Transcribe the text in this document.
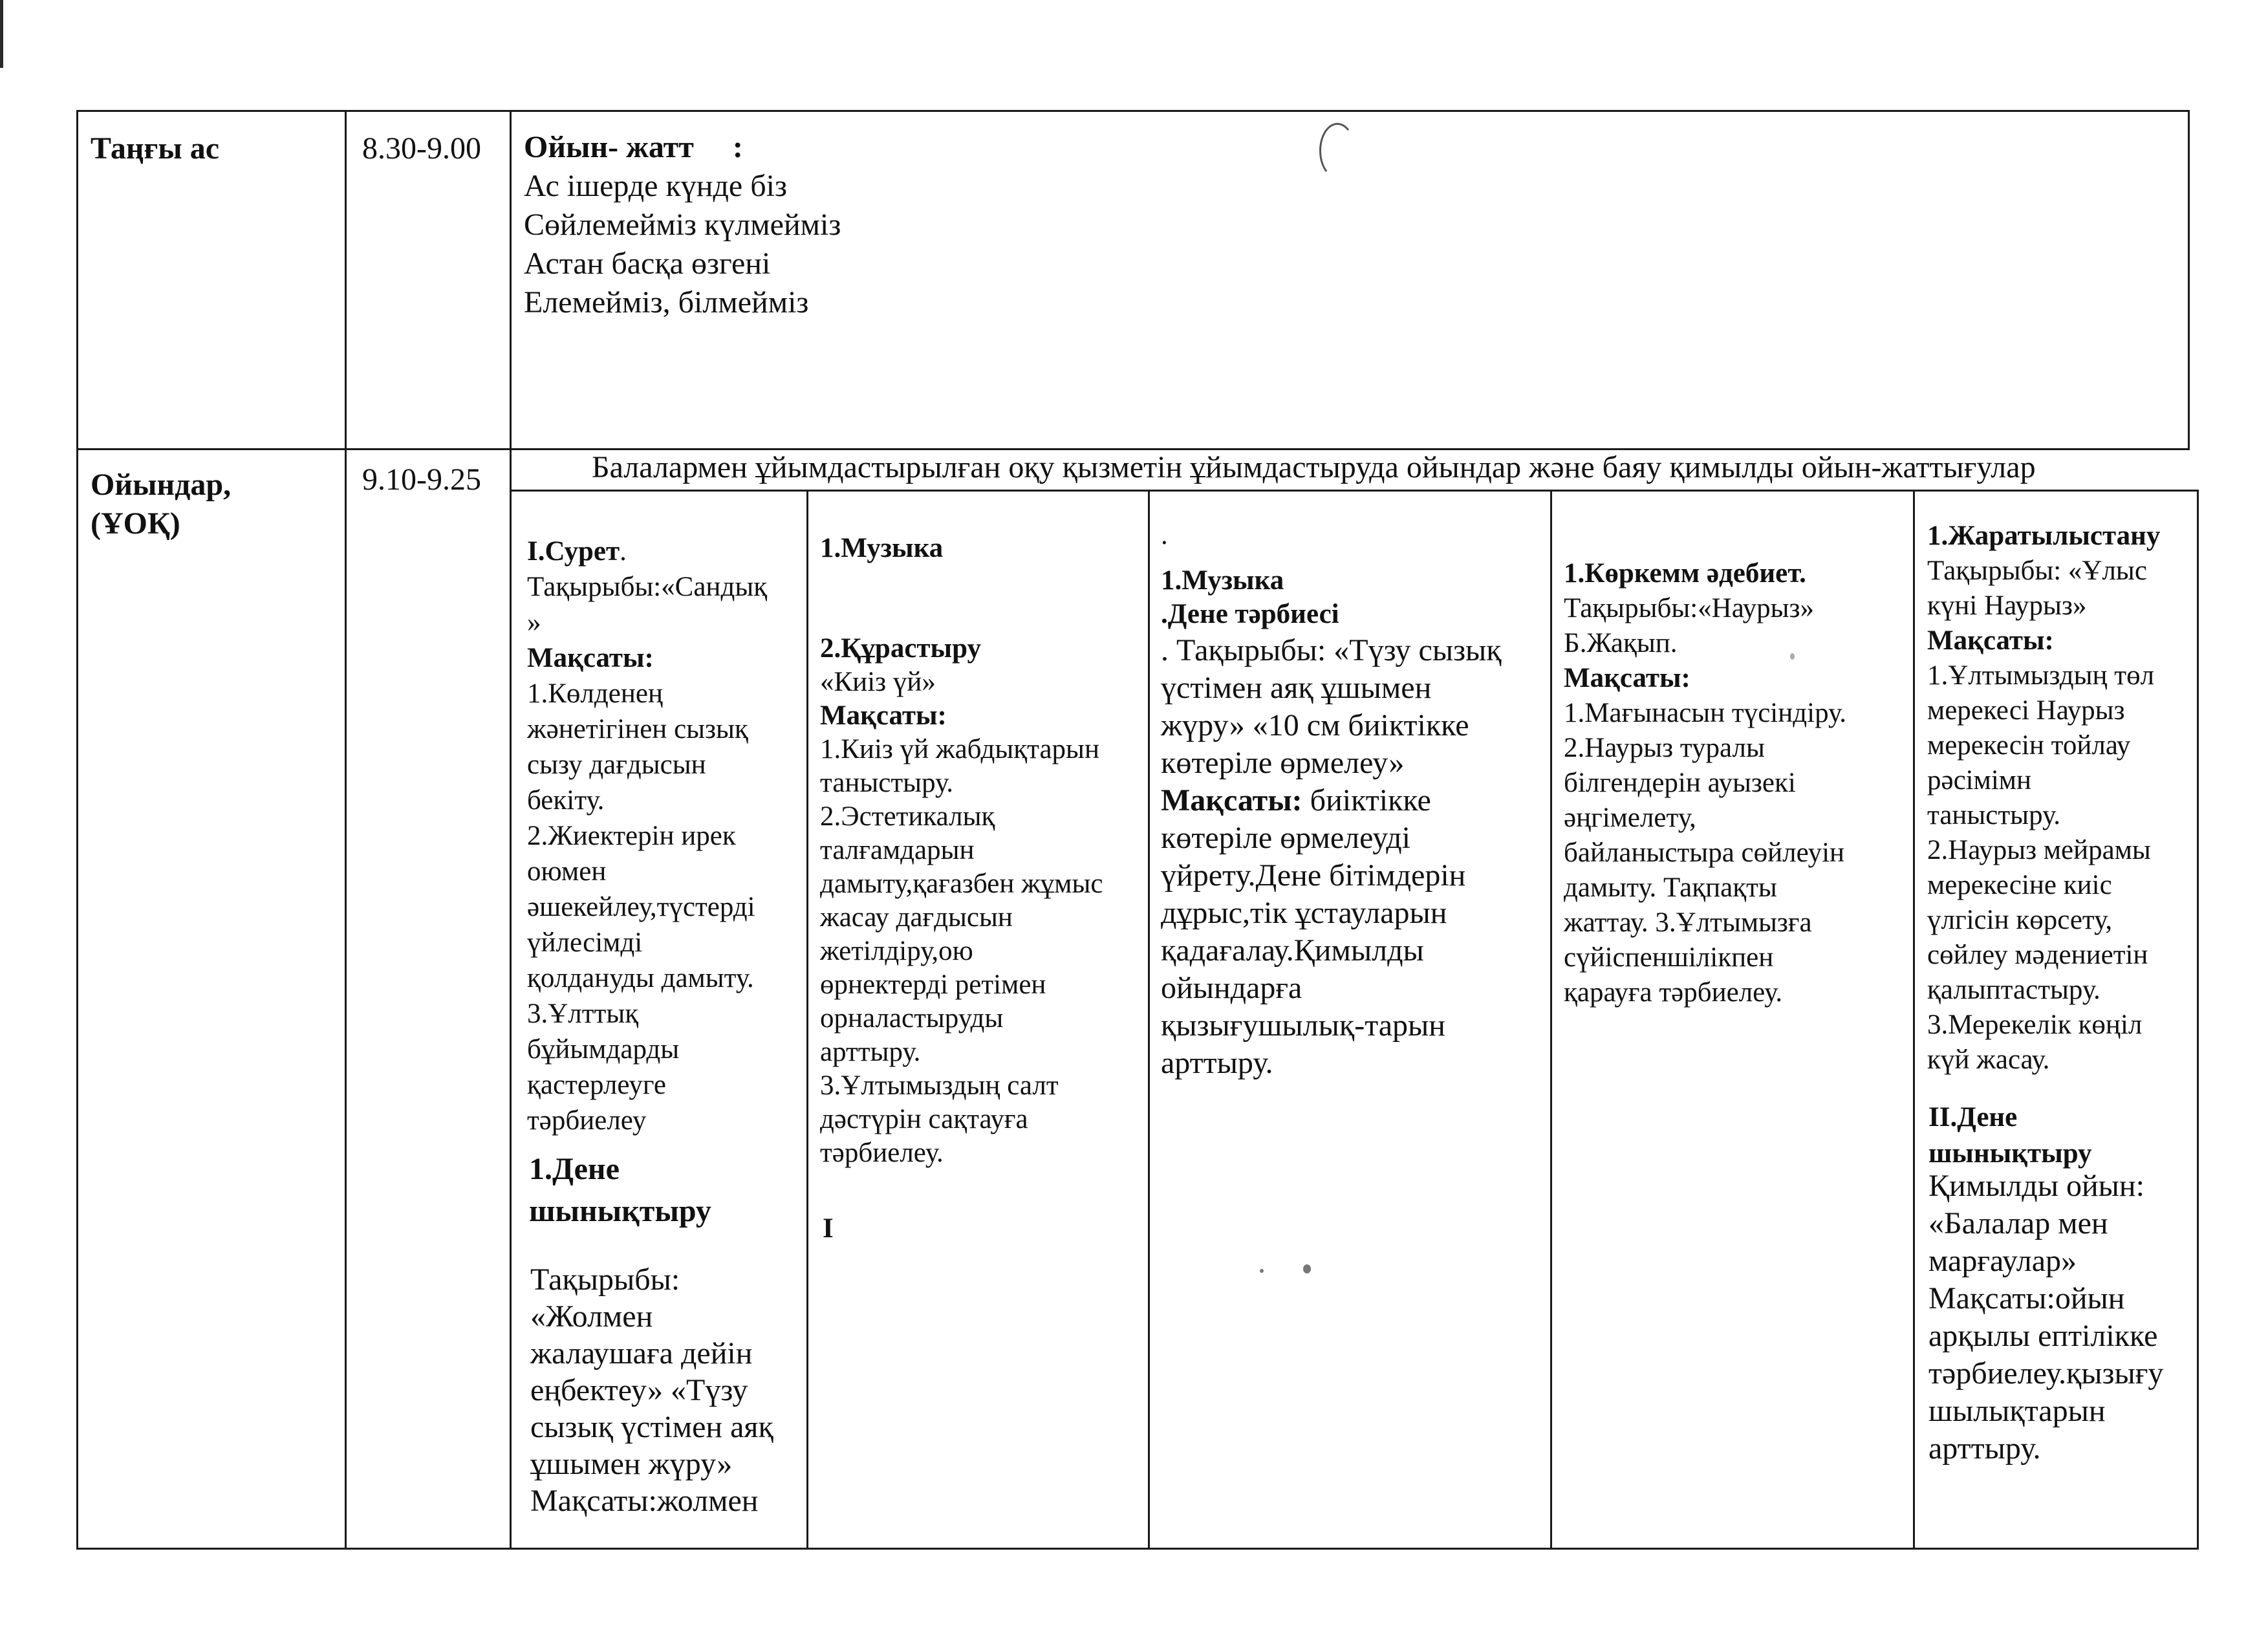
Таңғы ас	8.30-9.00 Ойын- жатт :
Ас ішерде күнде біз
Сөйлемейміз күлмейміз
Астан басқа өзгені
Елемейміз, білмейміз
Ойындар,
(ҰОҚ)
9.10-9.25	Балалармен ұйымдастырылған оқу қызметін ұйымдастыруда ойындар және баяу қимылды ойын-жаттығулар
І.Сурет.
Тақырыбы:«Сандық
»
Мақсаты:
1.Көлденең
жәнетігінен сызық
сызу дағдысын
бекіту.
2.Жиектерін ирек
оюмен
әшекейлеу,түстерді
үйлесімді
қолдануды дамыту.
3.Ұлттық
бұйымдарды
қастерлеуге
тәрбиелеу
1.Дене
шынықтыру
Тақырыбы:
«Жолмен
жалаушаға дейін
еңбектеу» «Түзу
сызық үстімен аяқ
ұшымен жүру»
Мақсаты:жолмен
1.Музыка
2.Құрастыру
«Киіз үй»
Мақсаты:
1.Киіз үй жабдықтарын
таныстыру.
2.Эстетикалық
талғамдарын
дамыту,қағазбен жұмыс
жасау дағдысын
жетілдіру,ою
өрнектерді ретімен
орналастыруды
арттыру.
3.Ұлтымыздың салт
дәстүрін сақтауға
тәрбиелеу.
І
.
1.Музыка
.Дене тәрбиесі
. Тақырыбы: «Түзу сызық
үстімен аяқ ұшымен
жүру» «10 см биіктікке
көтеріле өрмелеу»
Мақсаты: биіктікке
көтеріле өрмелеуді
үйрету.Дене бітімдерін
дұрыс,тік ұстауларын
қадағалау.Қимылды
ойындарға
қызығушылық-тарын
арттыру.
1.Көркемм әдебиет.
Тақырыбы:«Наурыз»
Б.Жақып.
Мақсаты:
1.Мағынасын түсіндіру.
2.Наурыз туралы
білгендерін ауызекі
әңгімелету,
байланыстыра сөйлеуін
дамыту. Тақпақты
жаттау. 3.Ұлтымызға
сүйіспеншілікпен
қарауға тәрбиелеу.
1.Жаратылыстану
Тақырыбы: «Ұлыс
күні Наурыз»
Мақсаты:
1.Ұлтымыздың төл
мерекесі Наурыз
мерекесін тойлау
рәсімімн
таныстыру.
2.Наурыз мейрамы
мерекесіне киіс
үлгісін көрсету,
сөйлеу мәдениетін
қалыптастыру.
3.Мерекелік көңіл
күй жасау.
ІІ.Дене
шынықтыру
Қимылды ойын:
«Балалар мен
марғаулар»
Мақсаты:ойын
арқылы ептілікке
тәрбиелеу.қызығу
шылықтарын
арттыру.
